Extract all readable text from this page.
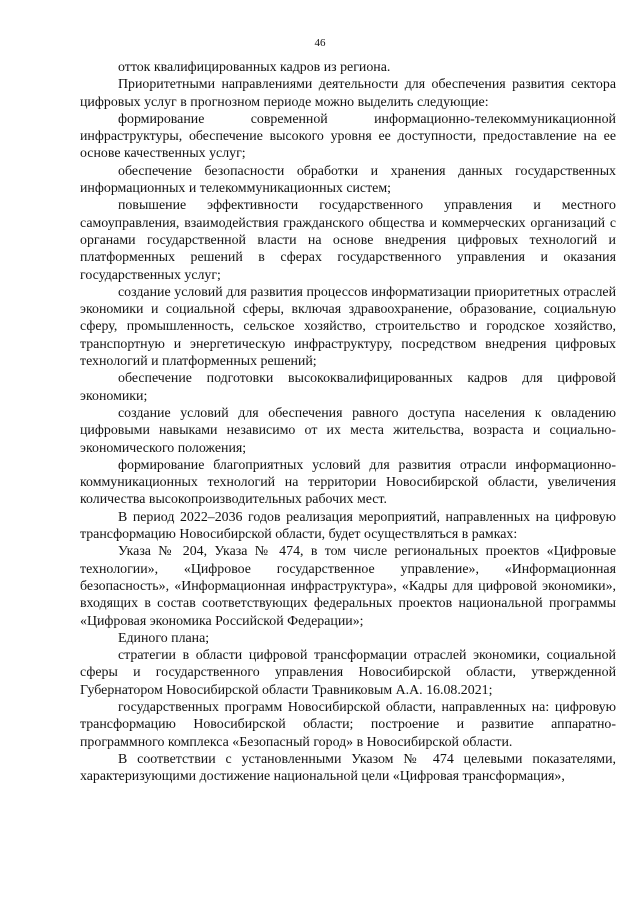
46

отток квалифицированных кадров из региона.

Приоритетными направлениями деятельности для обеспечения развития сектора цифровых услуг в прогнозном периоде можно выделить следующие:

формирование современной информационно-телекоммуникационной инфраструктуры, обеспечение высокого уровня ее доступности, предоставление на ее основе качественных услуг;

обеспечение безопасности обработки и хранения данных государственных информационных и телекоммуникационных систем;

повышение эффективности государственного управления и местного самоуправления, взаимодействия гражданского общества и коммерческих организаций с органами государственной власти на основе внедрения цифровых технологий и платформенных решений в сферах государственного управления и оказания государственных услуг;

создание условий для развития процессов информатизации приоритетных отраслей экономики и социальной сферы, включая здравоохранение, образование, социальную сферу, промышленность, сельское хозяйство, строительство и городское хозяйство, транспортную и энергетическую инфраструктуру, посредством внедрения цифровых технологий и платформенных решений;

обеспечение подготовки высококвалифицированных кадров для цифровой экономики;

создание условий для обеспечения равного доступа населения к овладению цифровыми навыками независимо от их места жительства, возраста и социально-экономического положения;

формирование благоприятных условий для развития отрасли информационно-коммуникационных технологий на территории Новосибирской области, увеличения количества высокопроизводительных рабочих мест.

В период 2022–2036 годов реализация мероприятий, направленных на цифровую трансформацию Новосибирской области, будет осуществляться в рамках:

Указа № 204, Указа № 474, в том числе региональных проектов «Цифровые технологии», «Цифровое государственное управление», «Информационная безопасность», «Информационная инфраструктура», «Кадры для цифровой экономики», входящих в состав соответствующих федеральных проектов национальной программы «Цифровая экономика Российской Федерации»;

Единого плана;

стратегии в области цифровой трансформации отраслей экономики, социальной сферы и государственного управления Новосибирской области, утвержденной Губернатором Новосибирской области Травниковым А.А. 16.08.2021;

государственных программ Новосибирской области, направленных на: цифровую трансформацию Новосибирской области; построение и развитие аппаратно-программного комплекса «Безопасный город» в Новосибирской области.

В соответствии с установленными Указом № 474 целевыми показателями, характеризующими достижение национальной цели «Цифровая трансформация»,
